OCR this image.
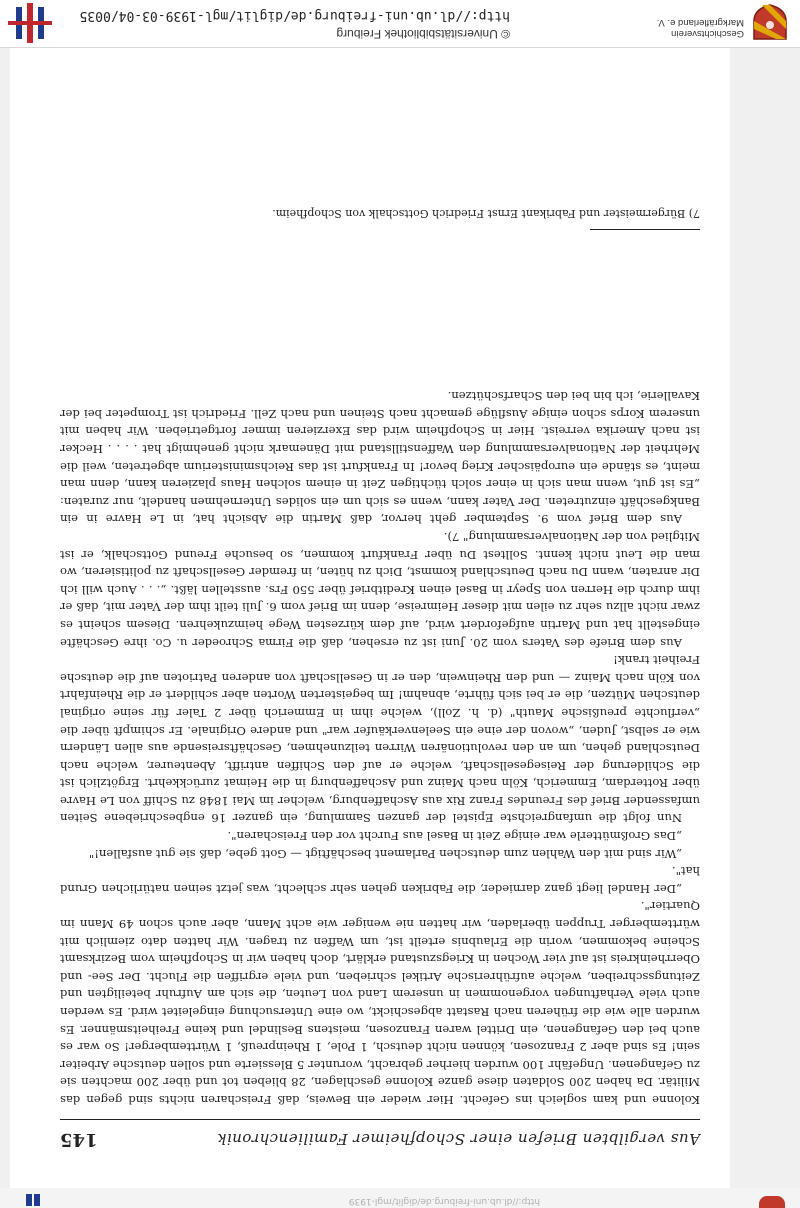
http://dl.ub.uni-freiburg.de/diglit/mgl-1939
Aus vergilbten Briefen einer Schopfheimer Familienchronik
145

Kolonne und kam sogleich ins Gefecht. Hier wieder ein Beweis, daß Freischaren nichts sind gegen das Militär. Da haben 200 Soldaten diese ganze Kolonne geschlagen, 28 blieben tot und über 200 machten sie zu Gefangenen. Ungefähr 100 wurden hierher gebracht, worunter 5 Blessierte und sollen deutsche Arbeiter sein! Es sind aber 2 Franzosen, können nicht deutsch, 1 Pole, 1 Rheinpreuß, 1 Württemberger! So war es auch bei den Gefangenen, ein Drittel waren Franzosen, meistens Beslindel und keine Freiheitsmänner. Es wurden alle wie die früheren nach Rastatt abgeschickt, wo eine Untersuchung eingeleitet wird. Es werden auch viele Verhaftungen vorgenommen in unserem Land von Leuten, die sich am Aufruhr beteiligten und Zeitungsschreiben, welche aufrührerische Artikel schrieben, und viele ergriffen die Flucht. Der See- und Oberrheinkreis ist auf vier Wochen in Kriegszustand erklärt, doch haben wir in Schopfheim vom Bezirksamt Scheine bekommen, worin die Erlaubnis erteilt ist, um Waffen zu tragen. Wir hatten dato ziemlich mit württemberger Truppen überladen, wir hatten nie weniger wie acht Mann, aber auch schon 49 Mann im Quartier".

„Der Handel liegt ganz darnieder, die Fabriken gehen sehr schlecht, was jetzt seinen natürlichen Grund hat".

„Wir sind mit den Wahlen zum deutschen Parlament beschäftigt — Gott gebe, daß sie gut ausfallen!"

„Das Großmütterle war einige Zeit in Basel aus Furcht vor den Freischaren".

Nun folgt die umfangreichste Epistel der ganzen Sammlung, ein ganzer 16 engbeschriebene Seiten umfassender Brief des Freundes Franz Rix aus Aschaffenburg, welcher im Mai 1848 zu Schiff von Le Havre über Rotterdam, Emmerich, Köln nach Mainz und Aschaffenburg in die Heimat zurückkehrt. Ergötzlich ist die Schilderung der Reisegesellschaft, welche er auf den Schiffen antrifft, Abenteurer, welche nach Deutschland gehen, um an den revolutionären Wirren teilzunehmen, Geschäftsreisende aus allen Ländern wie er selbst, Juden, „wovon der eine ein Seelenverkäufer war" und andere Originale. Er schimpft über die „verfluchte preußische Mauth" (d. h. Zoll), welche ihm in Emmerich über 2 Taler für seine original deutschen Mützen, die er bei sich führte, abnahm! Im begeisterten Worten aber schildert er die Rheinfahrt von Köln nach Mainz — und den Rheinwein, den er in Gesellschaft von anderen Patrioten auf die deutsche Freiheit trank!

Aus dem Briefe des Vaters vom 20. Juni ist zu ersehen, daß die Firma Schroeder u. Co. ihre Geschäfte eingestellt hat und Martin aufgefordert wird, auf dem kürzesten Wege heimzukehren. Diesem scheint es zwar nicht allzu sehr zu eilen mit dieser Heimreise, denn im Brief vom 6. Juli teilt ihm der Vater mit, daß er ihm durch die Herren von Speyr in Basel einen Kreditbrief über 550 Frs. ausstellen läßt. „. . . Auch will ich Dir anraten, wann Du nach Deutschland kommst, Dich zu hüten, in fremder Gesellschaft zu politisieren, wo man die Leut nicht kennt. Solltest Du über Frankfurt kommen, so besuche Freund Gottschalk, er ist Mitglied von der Nationalversammlung" 7).

Aus dem Brief vom 9. September geht hervor, daß Martin die Absicht hat, in Le Havre in ein Bankgeschäft einzutreten. Der Vater kann, wenn es sich um ein solides Unternehmen handelt, nur zuraten: „Es ist gut, wenn man sich in einer solch tüchtigen Zeit in einem solchen Haus plazieren kann, denn man meint, es stände ein europäischer Krieg bevor! In Frankfurt ist das Reichsministerium abgetreten, weil die Mehrheit der Nationalversammlung den Waffenstillstand mit Dänemark nicht genehmigt hat . . . . Hecker ist nach Amerika verreist. Hier in Schopfheim wird das Exerzieren immer fortgetrieben. Wir haben mit unserem Korps schon einige Ausflüge gemacht nach Steinen und nach Zell. Friedrich ist Trompeter bei der Kavallerie, ich bin bei den Scharfschützen.

7) Bürgermeister und Fabrikant Ernst Friedrich Gottschalk von Schopfheim.
Geschichtsverein
Markgräflerland e. V.
© Universitätsbibliothek Freiburg
http://dl.ub.uni-freiburg.de/diglit/mgl-1939-03-04/0035
